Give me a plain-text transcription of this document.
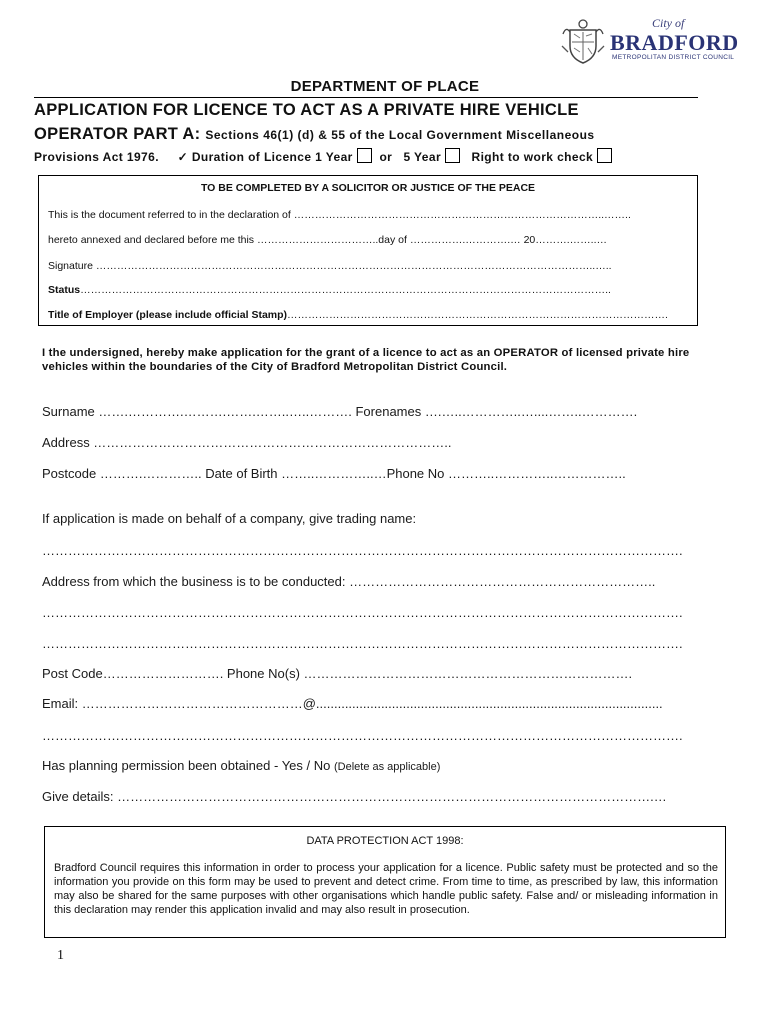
City of
BRADFORD
METROPOLITAN DISTRICT COUNCIL
DEPARTMENT OF PLACE
APPLICATION FOR LICENCE TO ACT AS A PRIVATE HIRE VEHICLE
OPERATOR PART A: Sections 46(1) (d) & 55 of the Local Government Miscellaneous
Provisions Act 1976. ✓ Duration of Licence 1 Year or 5 Year	Right to work check
TO BE COMPLETED BY A SOLICITOR OR JUSTICE OF THE PEACE
This is the document referred to in the declaration of ……………………………………………………………………………..……..
hereto annexed and declared before me this ……………………………..day of …………….………….… 20……….……..…
Signature ……………………………………………………………………………………………………………………………..…..
Status……………………………………………………………………………………………………………………………………..
Title of Employer (please include official Stamp)……………………………………………………………………………………………….
I the undersigned, hereby make application for the grant of a licence to act as an OPERATOR of licensed private hire vehicles within the boundaries of the City of Bradford Metropolitan District Council.
Surname …….………….……….…….……..…..………. Forenames ….…..…………..…....……..………….
Address ………………………………………………………………………..
Postcode ……….………….. Date of Birth ……..…………..…Phone No ………..…………..……………..
If application is made on behalf of a company, give trading name:
………………………………………………………………………………………………………………………………….
Address from which the business is to be conducted: ……………………………………………………………..
………………………………………………………………………………………………………………………………….
………………………………………………………………………………………………………………………………….
Post Code………………………. Phone No(s) ………………………………………………………………….
Email: ……………………………………………@................................................................................................
………………………………………………………………………………………………………………………………….
Has planning permission been obtained - Yes / No (Delete as applicable)
Give details: …………………………………………………………………………………………………………….…
DATA PROTECTION ACT 1998:
Bradford Council requires this information in order to process your application for a licence. Public safety must be protected and so the information you provide on this form may be used to prevent and detect crime. From time to time, as prescribed by law, this information may also be shared for the same purposes with other organisations which handle public safety. False and/ or misleading information in this declaration may render this application invalid and may also result in prosecution.
1
